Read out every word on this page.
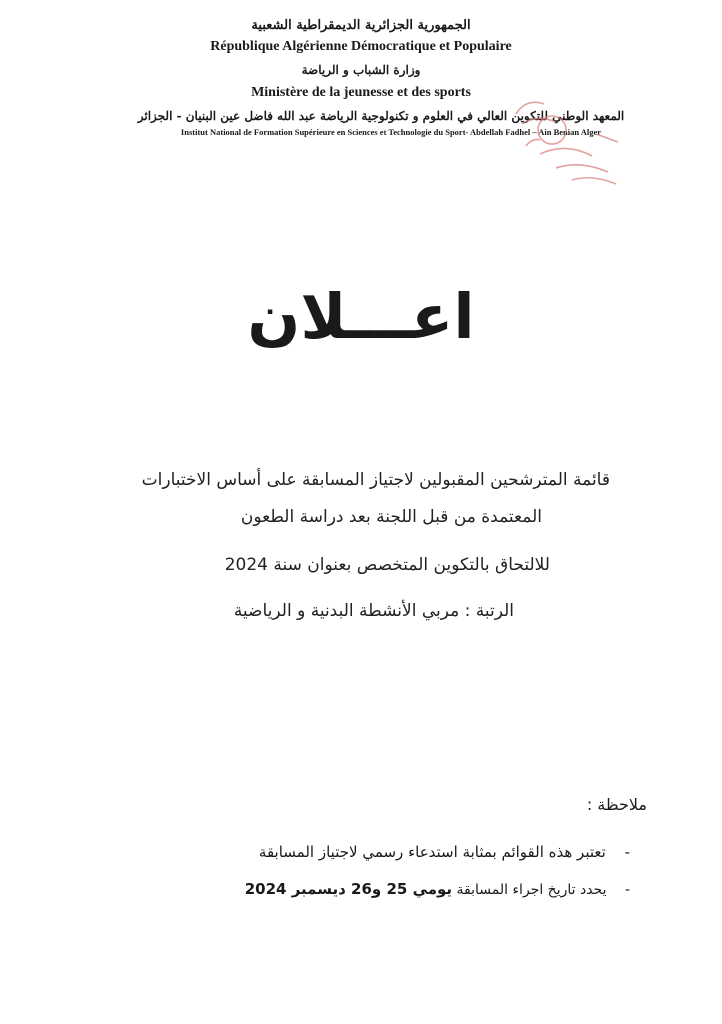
الجمهورية الجزائرية الديمقراطية الشعبية
République Algérienne Démocratique et Populaire
وزارة الشباب و الرياضة
Ministère de la jeunesse et des sports
المعهد الوطني للتكوين العالي في العلوم و تكنولوجية الرياضة عبد الله فاضل عين البنيان - الجزائر
Institut National de Formation Supérieure en Sciences et Technologie du Sport- Abdellah Fadhel – Ain Benian Alger
اعـــلان
قائمة المترشحين المقبولين لاجتياز المسابقة على أساس الاختبارات
المعتمدة من قبل اللجنة بعد دراسة الطعون
للالتحاق بالتكوين المتخصص بعنوان سنة 2024
الرتبة : مربي الأنشطة البدنية و الرياضية
ملاحظة :
- تعتبر هذه القوائم بمثابة استدعاء رسمي لاجتياز المسابقة
- يحدد تاريخ اجراء المسابقة يومي 25 و26 ديسمبر 2024
